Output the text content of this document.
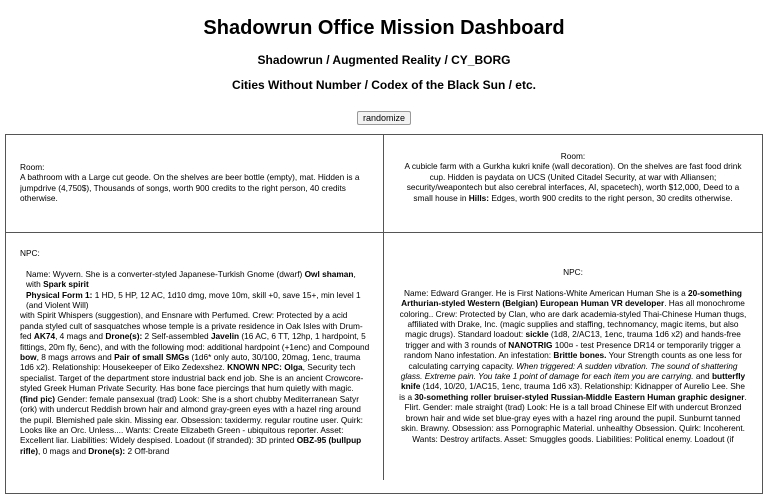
Shadowrun Office Mission Dashboard
Shadowrun / Augmented Reality / CY_BORG
Cities Without Number / Codex of the Black Sun / etc.
randomize
Room:
A bathroom with a Large cut geode. On the shelves are beer bottle (empty), mat. Hidden is a jumpdrive (4,750$), Thousands of songs, worth 900 credits to the right person, 40 credits otherwise.
Room:
A cubicle farm with a Gurkha kukri knife (wall decoration). On the shelves are fast food drink cup. Hidden is paydata on UCS (United Citadel Security, at war with Alliansen; security/weapontech but also cerebral interfaces, AI, spacetech), worth $12,000, Deed to a small house in Hills: Edges, worth 900 credits to the right person, 30 credits otherwise.
NPC:

Name: Wyvern. She is a converter-styled Japanese-Turkish Gnome (dwarf) Owl shaman, with Spark spirit
Physical Form 1: 1 HD, 5 HP, 12 AC, 1d10 dmg, move 10m, skill +0, save 15+, min level 1 (and Violent Will)
with Spirit Whispers (suggestion), and Ensnare with Perfumed. Crew: Protected by a acid panda styled cult of sasquatches whose temple is a private residence in Oak Isles with Drum-fed AK74, 4 mags and Drone(s): 2 Self-assembled Javelin (16 AC, 6 TT, 12hp, 1 hardpoint, 5 fittings, 20m fly, 6enc), and with the following mod: additional hardpoint (+1enc) and Compound bow, 8 mags arrows and Pair of small SMGs (1d6* only auto, 30/100, 20mag, 1enc, trauma 1d6 x2). Relationship: Housekeeper of Eiko Zedexshez. KNOWN NPC: Olga, Security tech specialist. Target of the department store industrial back end job. She is an ancient Crowcore-styled Greek Human Private Security. Has bone face piercings that hum quietly with magic. (find pic) Gender: female pansexual (trad) Look: She is a short chubby Mediterranean Satyr (ork) with undercut Reddish brown hair and almond gray-green eyes with a hazel ring around the pupil. Blemished pale skin. Missing ear. Obsession: taxidermy. regular routine user. Quirk: Looks like an Orc. Unless.... Wants: Create Elizabeth Green - ubiquitous reporter. Asset: Excellent liar. Liabilities: Widely despised. Loadout (if stranded): 3D printed OBZ-95 (bullpup rifle), 0 mags and Drone(s): 2 Off-brand
NPC:

Name: Edward Granger. He is First Nations-White American Human She is a 20-something Arthurian-styled Western (Belgian) European Human VR developer. Has all monochrome coloring.. Crew: Protected by Clan, who are dark academia-styled Thai-Chinese Human thugs, affiliated with Drake, Inc. (magic supplies and staffing, technomancy, magic items, but also magic drugs). Standard loadout: sickle (1d8, 2/AC13, 1enc, trauma 1d6 x2) and hands-free trigger and with 3 rounds of NANOTRIG 100¤ - test Presence DR14 or temporarily trigger a random Nano infestation. An infestation: Brittle bones. Your Strength counts as one less for calculating carrying capacity. When triggered: A sudden vibration. The sound of shattering glass. Extreme pain. You take 1 point of damage for each item you are carrying. and butterfly knife (1d4, 10/20, 1/AC15, 1enc, trauma 1d6 x3). Relationship: Kidnapper of Aurelio Lee. She is a 30-something roller bruiser-styled Russian-Middle Eastern Human graphic designer. Flirt. Gender: male straight (trad) Look: He is a tall broad Chinese Elf with undercut Bronzed brown hair and wide set blue-gray eyes with a hazel ring around the pupil. Sunburnt tanned skin. Brawny. Obsession: ass Pornographic Material. unhealthy Obsession. Quirk: Incoherent. Wants: Destroy artifacts. Asset: Smuggles goods. Liabilities: Political enemy. Loadout (if
